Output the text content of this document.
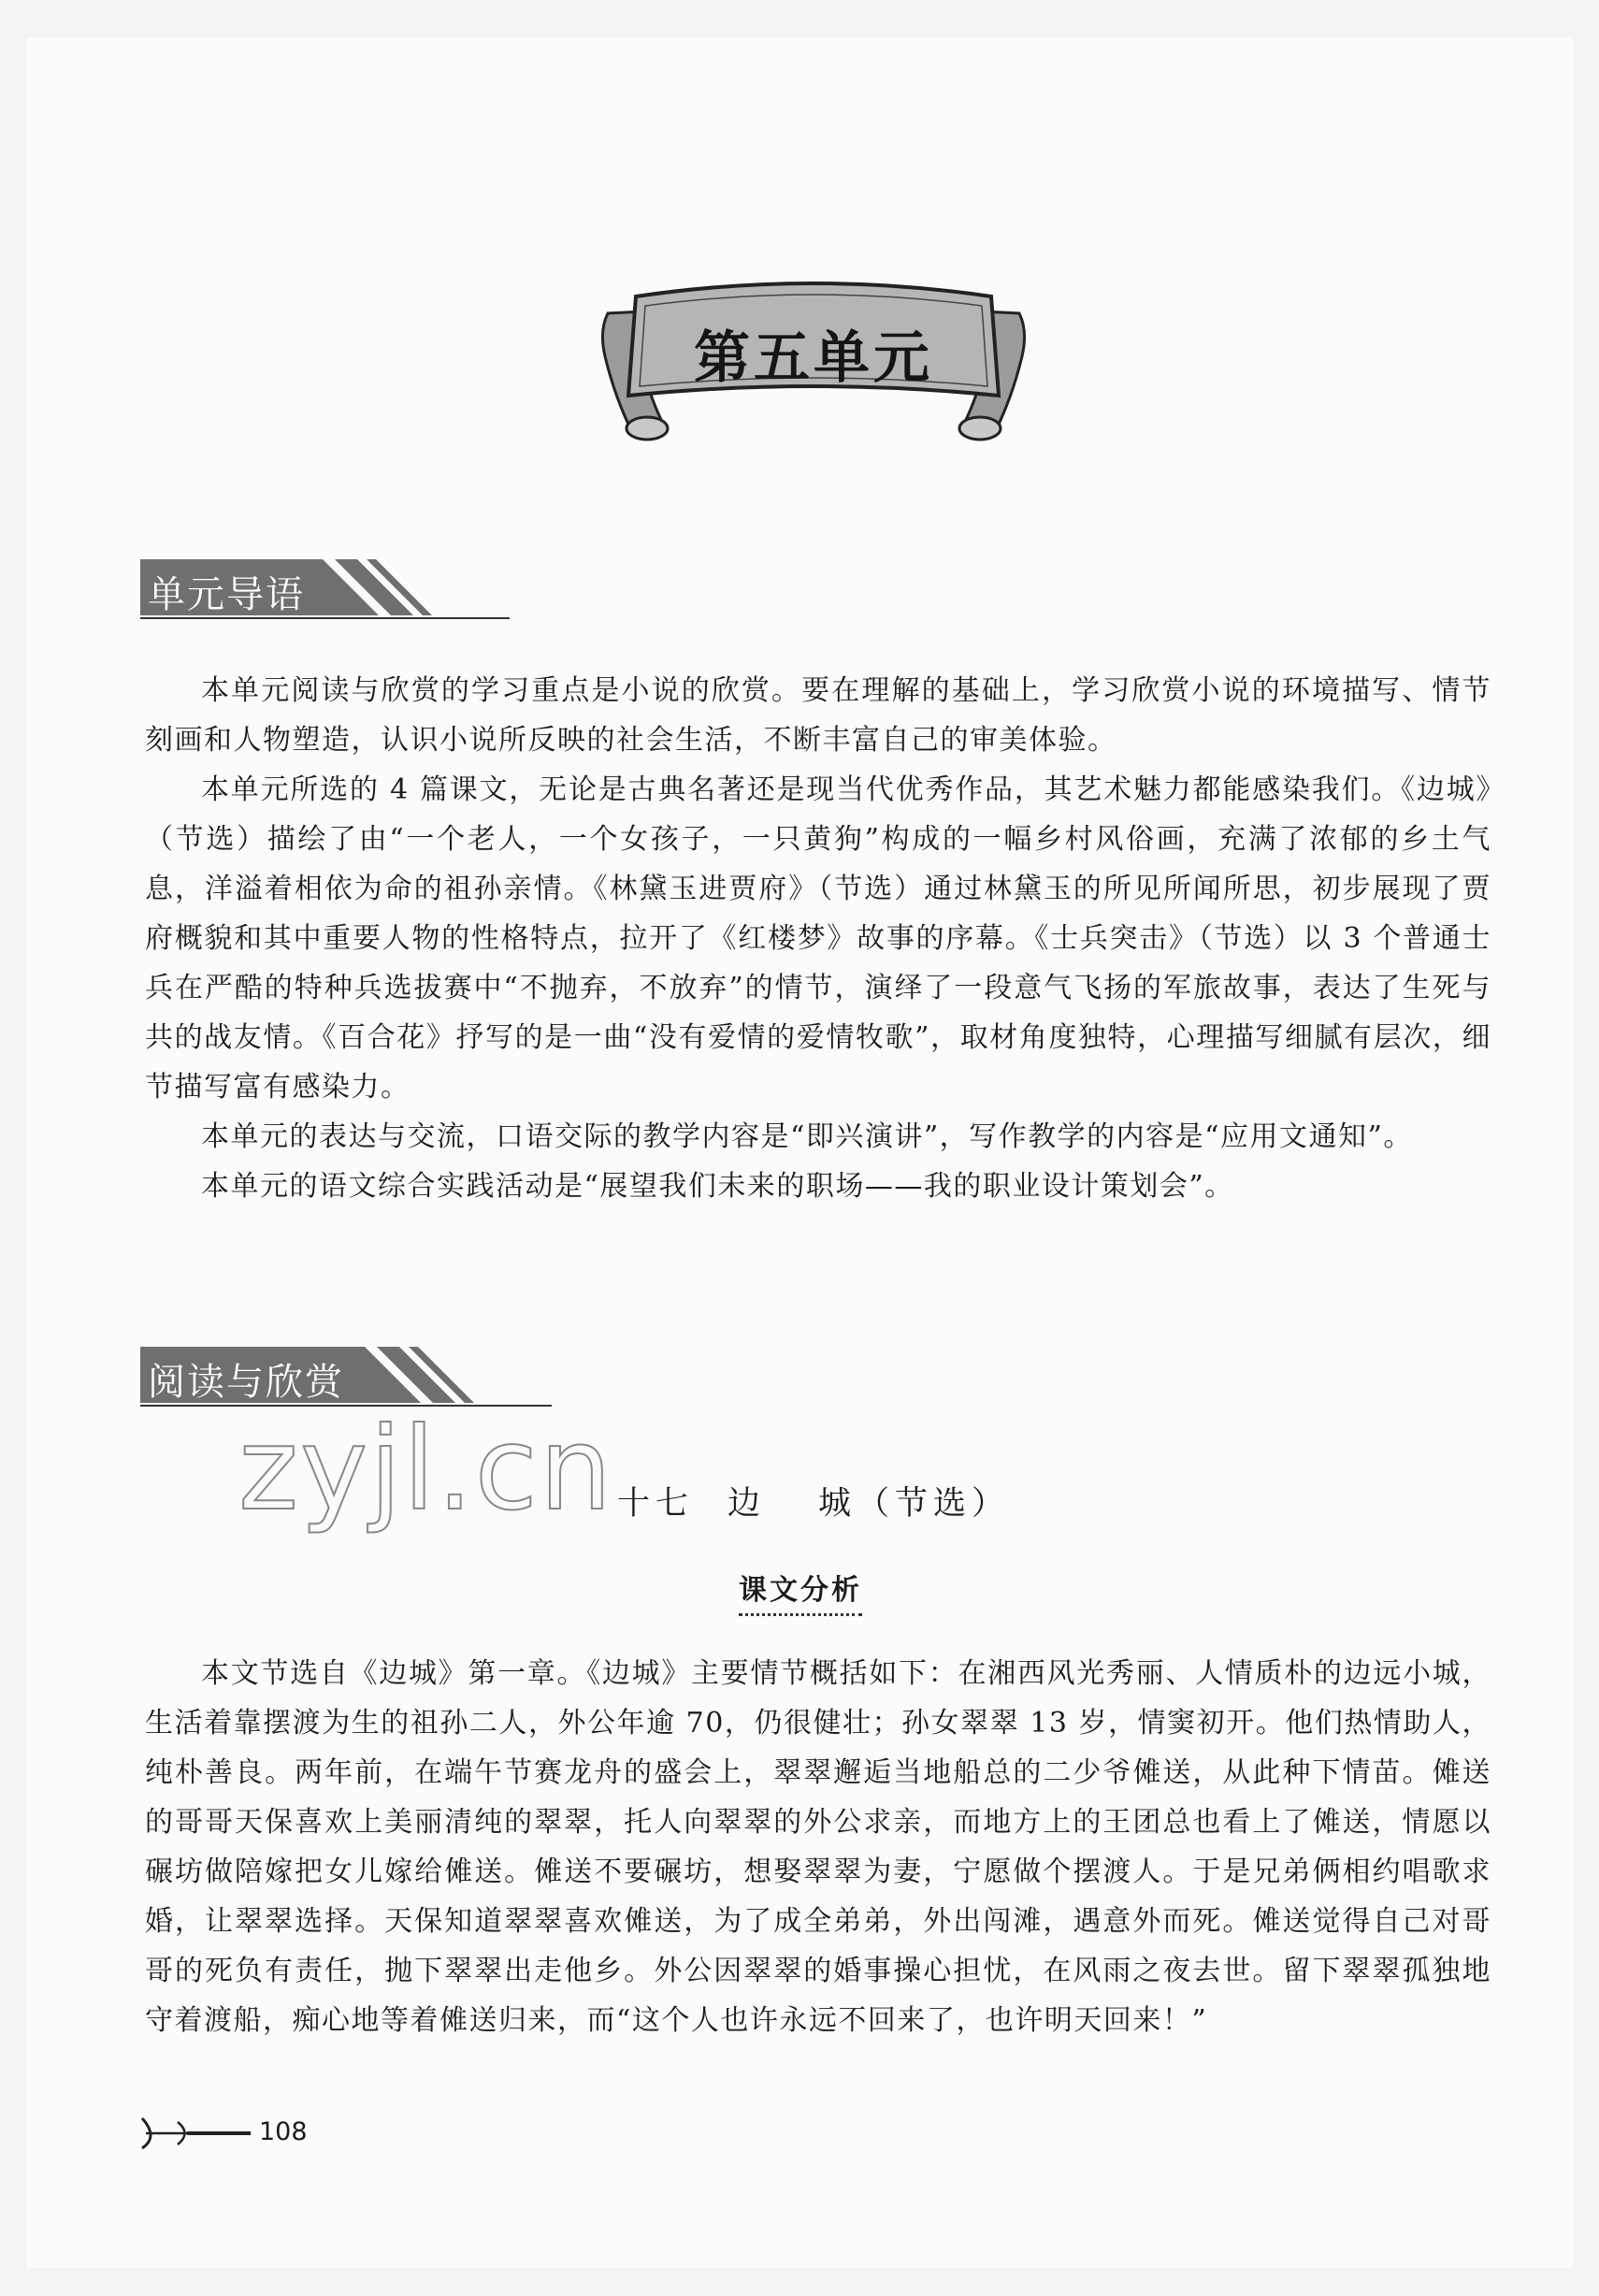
第五单元
单元导语

本单元阅读与欣赏的学习重点是小说的欣赏。要在理解的基础上，学习欣赏小说的环境描写、情节刻画和人物塑造，认识小说所反映的社会生活，不断丰富自己的审美体验。

本单元所选的 4 篇课文，无论是古典名著还是现当代优秀作品，其艺术魅力都能感染我们。《边城》（节选）描绘了由“一个老人，一个女孩子，一只黄狗”构成的一幅乡村风俗画，充满了浓郁的乡土气息，洋溢着相依为命的祖孙亲情。《林黛玉进贾府》（节选）通过林黛玉的所见所闻所思，初步展现了贾府概貌和其中重要人物的性格特点，拉开了《红楼梦》故事的序幕。《士兵突击》（节选）以 3 个普通士兵在严酷的特种兵选拔赛中“不抛弃，不放弃”的情节，演绎了一段意气飞扬的军旅故事，表达了生死与共的战友情。《百合花》抒写的是一曲“没有爱情的爱情牧歌”，取材角度独特，心理描写细腻有层次，细节描写富有感染力。

本单元的表达与交流，口语交际的教学内容是“即兴演讲”，写作教学的内容是“应用文通知”。

本单元的语文综合实践活动是“展望我们未来的职场——我的职业设计策划会”。

阅读与欣赏
zyjl.cn 十七 边 城（节选）
课文分析

本文节选自《边城》第一章。《边城》主要情节概括如下：在湘西风光秀丽、人情质朴的边远小城，生活着靠摆渡为生的祖孙二人，外公年逾 70，仍很健壮；孙女翠翠 13 岁，情窦初开。他们热情助人，纯朴善良。两年前，在端午节赛龙舟的盛会上，翠翠邂逅当地船总的二少爷傩送，从此种下情苗。傩送的哥哥天保喜欢上美丽清纯的翠翠，托人向翠翠的外公求亲，而地方上的王团总也看上了傩送，情愿以碾坊做陪嫁把女儿嫁给傩送。傩送不要碾坊，想娶翠翠为妻，宁愿做个摆渡人。于是兄弟俩相约唱歌求婚，让翠翠选择。天保知道翠翠喜欢傩送，为了成全弟弟，外出闯滩，遇意外而死。傩送觉得自己对哥哥的死负有责任，抛下翠翠出走他乡。外公因翠翠的婚事操心担忧，在风雨之夜去世。留下翠翠孤独地守着渡船，痴心地等着傩送归来，而“这个人也许永远不回来了，也许明天回来！”

108
